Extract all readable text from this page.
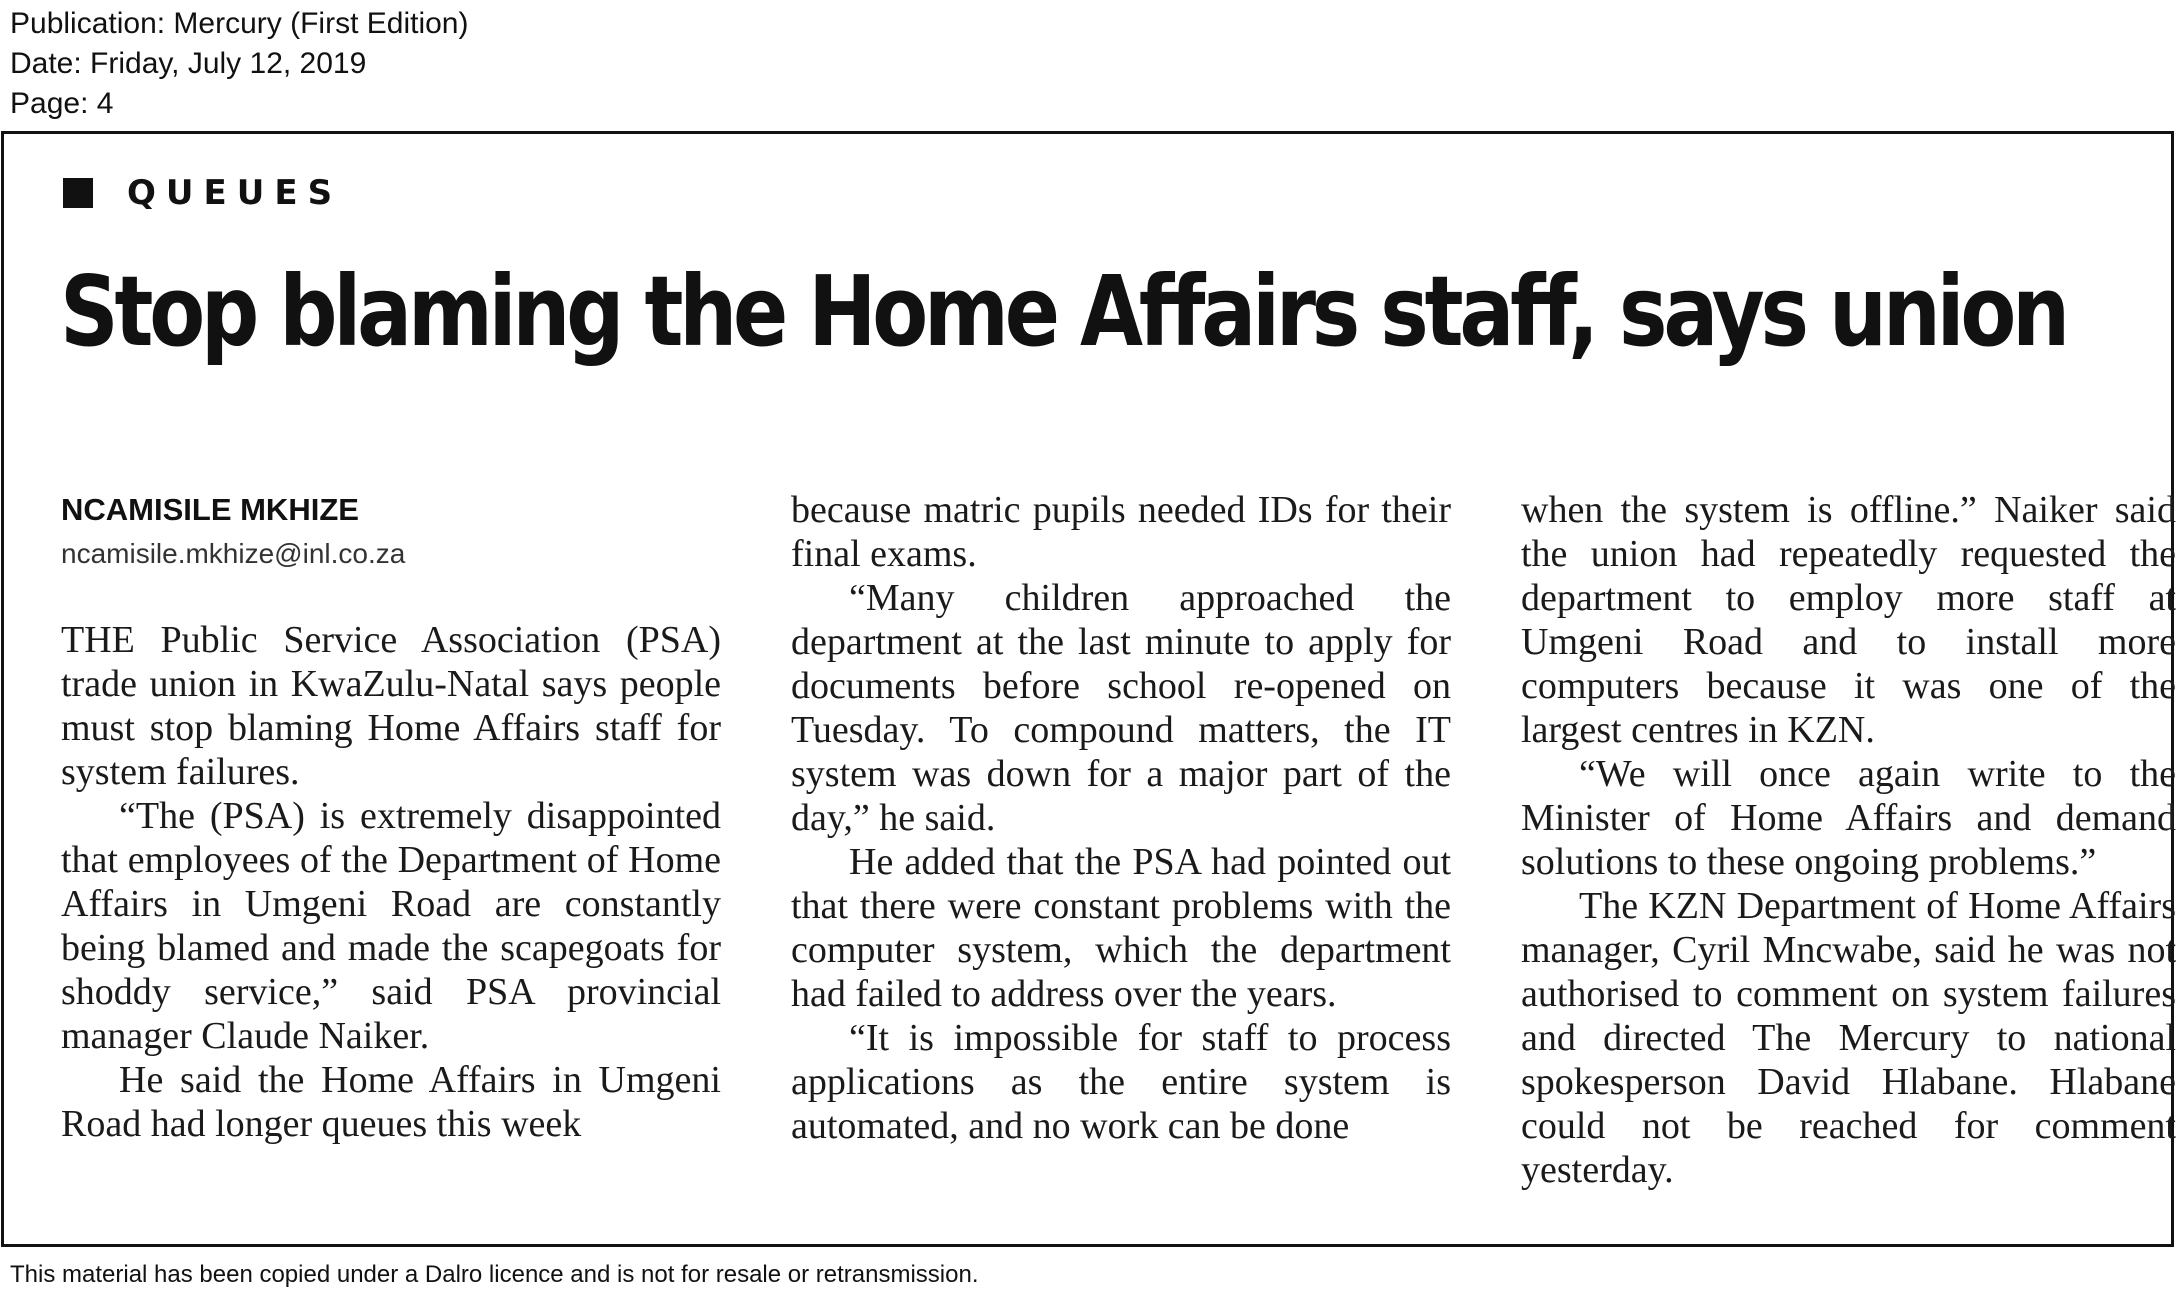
Publication: Mercury (First Edition)
Date: Friday, July 12, 2019
Page: 4
QUEUES
Stop blaming the Home Affairs staff, says union

NCAMISILE MKHIZE

ncamisile.mkhize@inl.co.za

THE Public Service Association (PSA) trade union in KwaZulu-Natal says people must stop blaming Home Affairs staff for system failures.

“The (PSA) is extremely disappointed that employees of the Department of Home Affairs in Umgeni Road are constantly being blamed and made the scapegoats for shoddy service,” said PSA provincial manager Claude Naiker.

He said the Home Affairs in Umgeni Road had longer queues this week

because matric pupils needed IDs for their final exams.

“Many children approached the department at the last minute to apply for documents before school re-opened on Tuesday. To compound matters, the IT system was down for a major part of the day,” he said.

He added that the PSA had pointed out that there were constant problems with the computer system, which the department had failed to address over the years.

“It is impossible for staff to process applications as the entire system is automated, and no work can be done

when the system is offline.” Naiker said the union had repeatedly requested the department to employ more staff at Umgeni Road and to install more computers because it was one of the largest centres in KZN.

“We will once again write to the Minister of Home Affairs and demand solutions to these ongoing problems.”

The KZN Department of Home Affairs manager, Cyril Mncwabe, said he was not authorised to comment on system failures and directed The Mercury to national spokesperson David Hlabane. Hlabane could not be reached for comment yesterday.

This material has been copied under a Dalro licence and is not for resale or retransmission.
